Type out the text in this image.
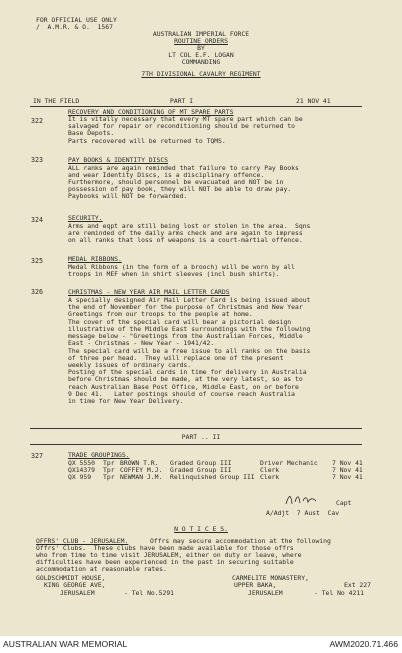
FOR OFFICIAL USE ONLY
/  A.M.R. & O.  1567
AUSTRALIAN IMPERIAL FORCE
ROUTINE ORDERS
BY
LT COL E.F. LOGAN
COMMANDING
7TH DIVISIONAL CAVALRY REGIMENT
IN THE FIELD	PART I	21 NOV 41
322
RECOVERY AND CONDITIONING OF MT SPARE PARTS
It is vitally necessary that every MT spare part which can be
salvaged for repair or reconditioning should be returned to
Base Depots.
Parts recovered will be returned to TQMS.
323	PAY BOOKS & IDENTITY DISCS
ALL ranks are again reminded that failure to carry Pay Books
and wear Identity Discs, is a disciplinary offence.
Furthermore, should personnel be evacuated and NOT be in
possession of pay book, they will NOT be able to draw pay.
Paybooks will NOT be forwarded.
324	SECURITY.
Arms and eqpt are still being lost or stolen in the area.  Sqns
are reminded of the daily arms check and are again to impress
on all ranks that loss of weapons is a court-martial offence.
325	MEDAL RIBBONS.
Medal Ribbons (in the form of a brooch) will be worn by all
troops in MEF when in shirt sleeves (incl bush shirts).
326	CHRISTMAS - NEW YEAR AIR MAIL LETTER CARDS
A specially designed Air Mail Letter Card is being issued about
the end of November for the purpose of Christmas and New Year
Greetings from our troops to the people at home.
The cover of the special card will bear a pictorial design
illustrative of the Middle East surroundings with the following
message below - "Greetings from the Australian Forces, Middle
East - Christmas - New Year - 1941/42.
The special card will be a free issue to all ranks on the basis
of three per head.  They will replace one of the present
weekly issues of ordinary cards.
Posting of the special cards in time for delivery in Australia
before Christmas should be made, at the very latest, so as to
reach Australian Base Post Office, Middle East, on or before
9 Dec 41.   Later postings should of course reach Australia
in time for New Year Delivery.
PART .. II
327	TRADE GROUPINGS.
QX 5550 Tpr BROWN T.R. Graded Group III	Driver Mechanic 7 Nov 41
QX14379 Tpr COFFEY M.J. Graded Group III	Clerk	7 Nov 41
QX 959 Tpr NEWMAN J.M. Relinquished Group III Clerk	7 Nov 41
Capt
A/Adjt  7 Aust  Cav
N O T I C E S.
OFFRS' CLUB - JERUSALEM.	Offrs may secure accommodation at the following
Offrs' Clubs.  These clubs have been made available for those offrs
who from time to time visit JERUSALEM, either on duty or leave, where
difficulties have been experienced in the past in securing suitable
accommodation at reasonable rates.
GOLDSCHMIDT HOUSE,
KING GEORGE AVE,
JERUSALEM	- Tel No.5291
CARMELITE MONASTERY,
Ext 227
UPPER BAKA,
JERUSALEM	- Tel No 4211
AUSTRALIAN WAR MEMORIAL	AWM2020.71.466
